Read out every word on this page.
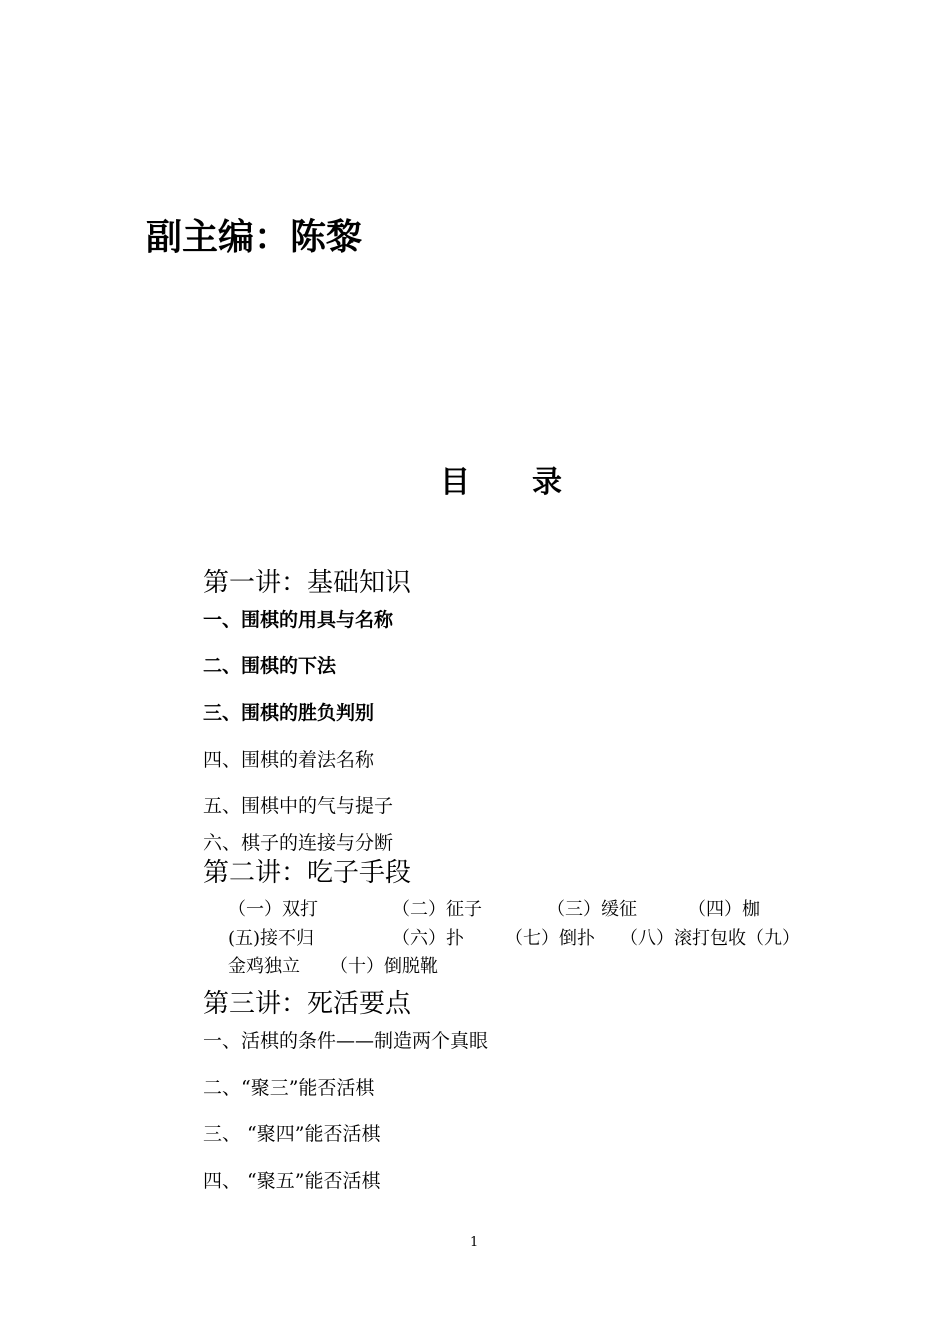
副主编：陈黎
目 录
第一讲：基础知识
一、围棋的用具与名称
二、围棋的下法
三、围棋的胜负判别
四、围棋的着法名称
五、围棋中的气与提子
六、棋子的连接与分断
第二讲：吃子手段
（一）双打	（二）征子	（三）缓征	（四）枷
(五)接不归	（六）扑 （七）倒扑 （八）滚打包收（九）
金鸡独立 （十）倒脱靴
第三讲：死活要点
一、活棋的条件——制造两个真眼
二、“聚三”能否活棋
三、 “聚四”能否活棋
四、 “聚五”能否活棋
1
